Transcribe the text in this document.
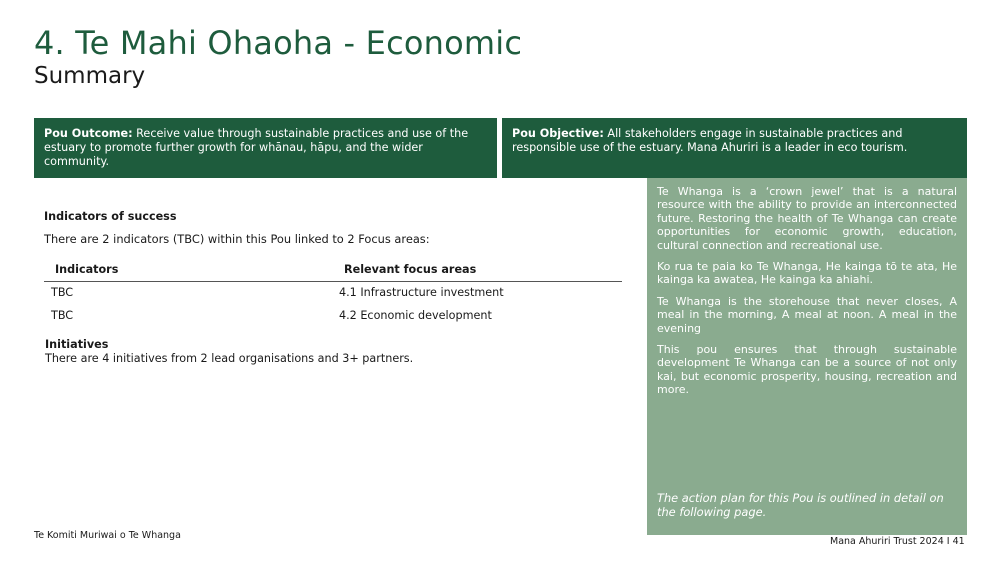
4. Te Mahi Ohaoha - Economic
Summary
Pou Outcome: Receive value through sustainable practices and use of the estuary to promote further growth for whānau, hāpu, and the wider community.
Pou Objective: All stakeholders engage in sustainable practices and responsible use of the estuary. Mana Ahuriri is a leader in eco tourism.
Indicators of success
There are 2 indicators (TBC) within this Pou linked to 2 Focus areas:
Indicators	Relevant focus areas
TBC	4.1 Infrastructure investment
TBC	4.2 Economic development
Initiatives
There are 4 initiatives from 2 lead organisations and 3+ partners.

Te Whanga is a ‘crown jewel’ that is a natural resource with the ability to provide an interconnected future. Restoring the health of Te Whanga can create opportunities for economic growth, education, cultural connection and recreational use.

Ko rua te paia ko Te Whanga, He kainga tō te ata, He kainga ka awatea, He kainga ka ahiahi.

Te Whanga is the storehouse that never closes, A meal in the morning, A meal at noon. A meal in the evening

This pou ensures that through sustainable development Te Whanga can be a source of not only kai, but economic prosperity, housing, recreation and more.

The action plan for this Pou is outlined in detail on the following page.
Te Komiti Muriwai o Te Whanga
Mana Ahuriri Trust 2024 I 41
